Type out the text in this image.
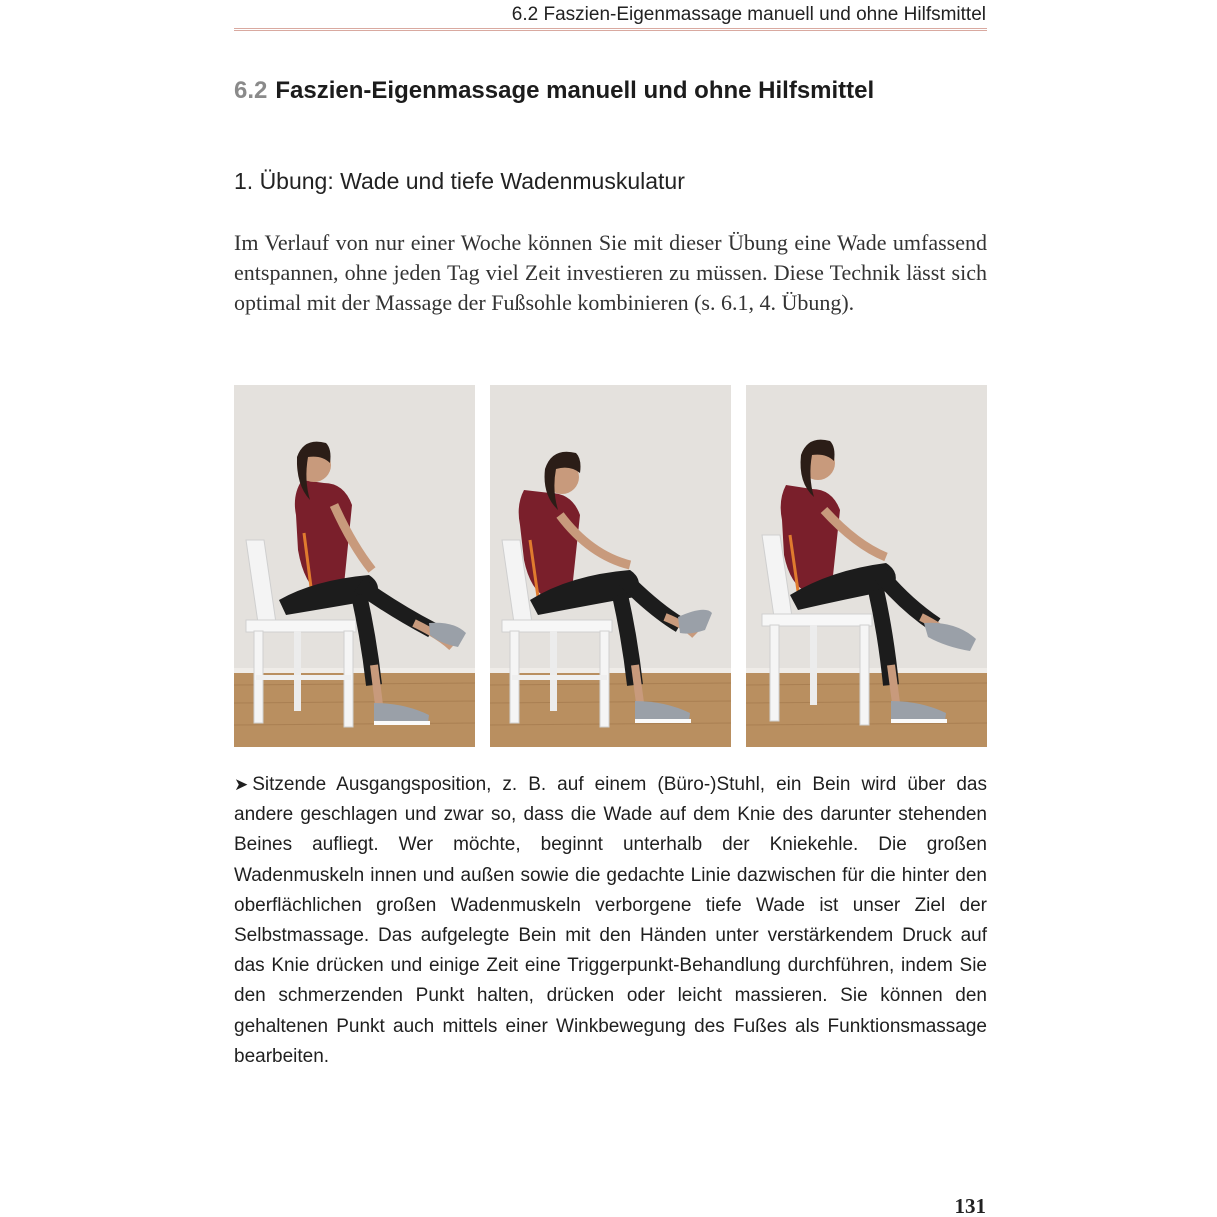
6.2 Faszien-Eigenmassage manuell und ohne Hilfsmittel
6.2 Faszien-Eigenmassage manuell und ohne Hilfsmittel
1. Übung: Wade und tiefe Wadenmuskulatur

Im Verlauf von nur einer Woche können Sie mit dieser Übung eine Wade umfassend entspannen, ohne jeden Tag viel Zeit investieren zu müssen. Diese Technik lässt sich optimal mit der Massage der Fußsohle kombinieren (s. 6.1, 4. Übung).

➤ Sitzende Ausgangsposition, z. B. auf einem (Büro-)Stuhl, ein Bein wird über das andere geschlagen und zwar so, dass die Wade auf dem Knie des darunter stehenden Beines aufliegt. Wer möchte, beginnt unterhalb der Kniekehle. Die großen Wadenmuskeln innen und außen sowie die gedachte Linie dazwischen für die hinter den oberflächlichen großen Wadenmuskeln verborgene tiefe Wade ist unser Ziel der Selbstmassage. Das aufgelegte Bein mit den Händen unter verstärkendem Druck auf das Knie drücken und einige Zeit eine Triggerpunkt-Behandlung durchführen, indem Sie den schmerzenden Punkt halten, drücken oder leicht massieren. Sie können den gehaltenen Punkt auch mittels einer Winkbewegung des Fußes als Funktionsmassage bearbeiten.

131
